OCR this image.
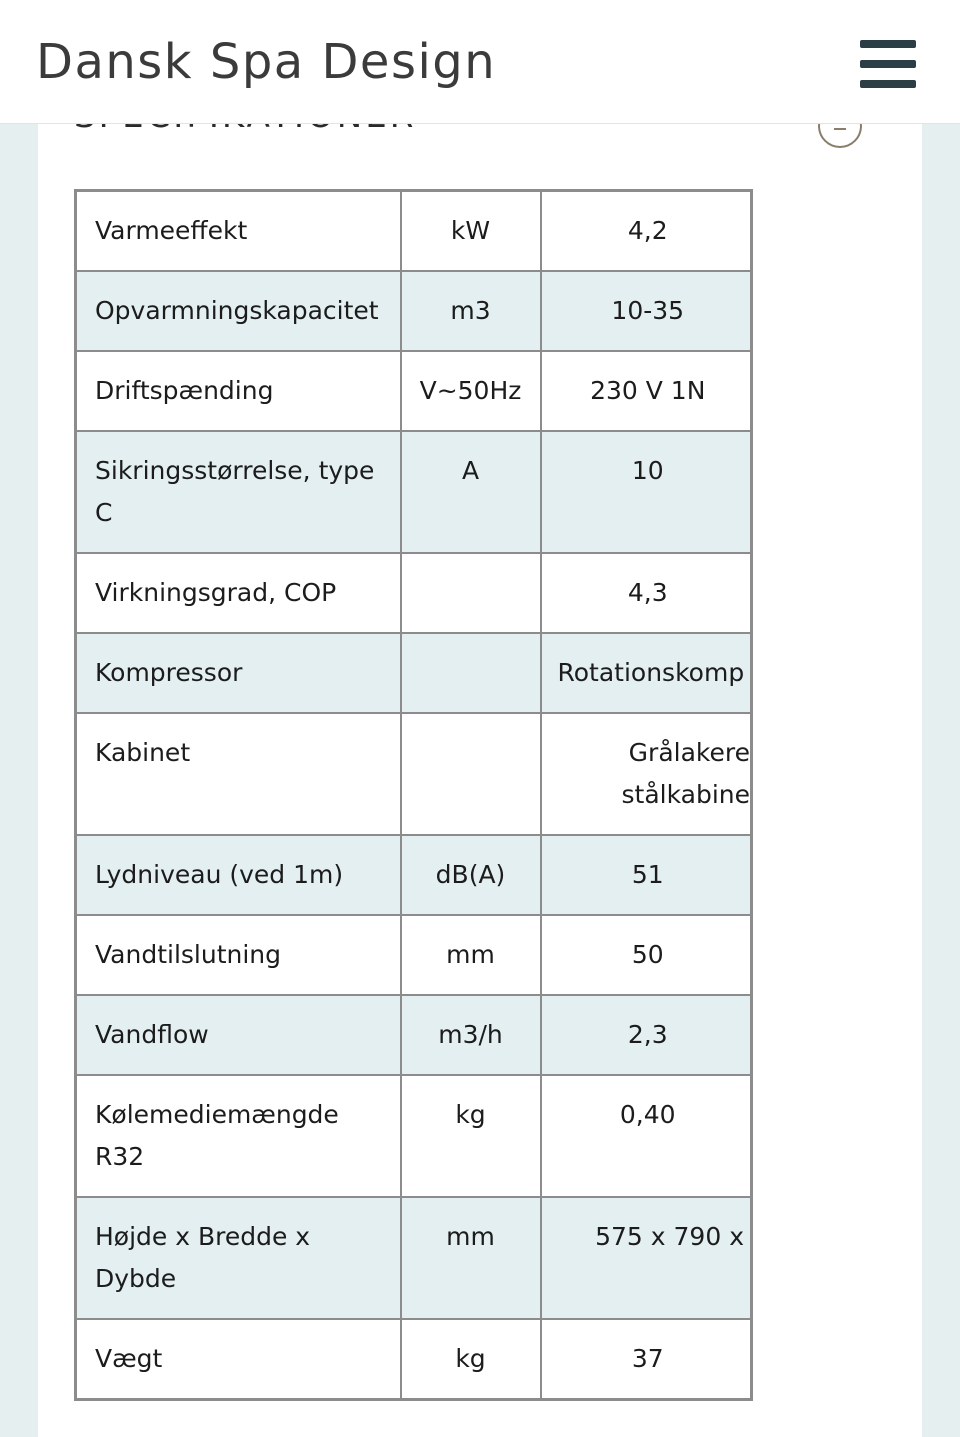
Dansk Spa Design
Varmeeffekt	kW	4,2

Opvarmningskapacitet	m3	10-35

Driftspænding	V~50Hz	230 V 1N

Sikringsstørrelse, type C	A	10

Virkningsgrad, COP		4,3

Kompressor		Rotationskomp

Kabinet		Grålakere
stålkabine

Lydniveau (ved 1m)	dB(A)	51

Vandtilslutning	mm	50

Vandflow	m3/h	2,3

Kølemediemængde R32	kg	0,40

Højde x Bredde x Dybde	mm	575 x 790 x

Vægt	kg	37
